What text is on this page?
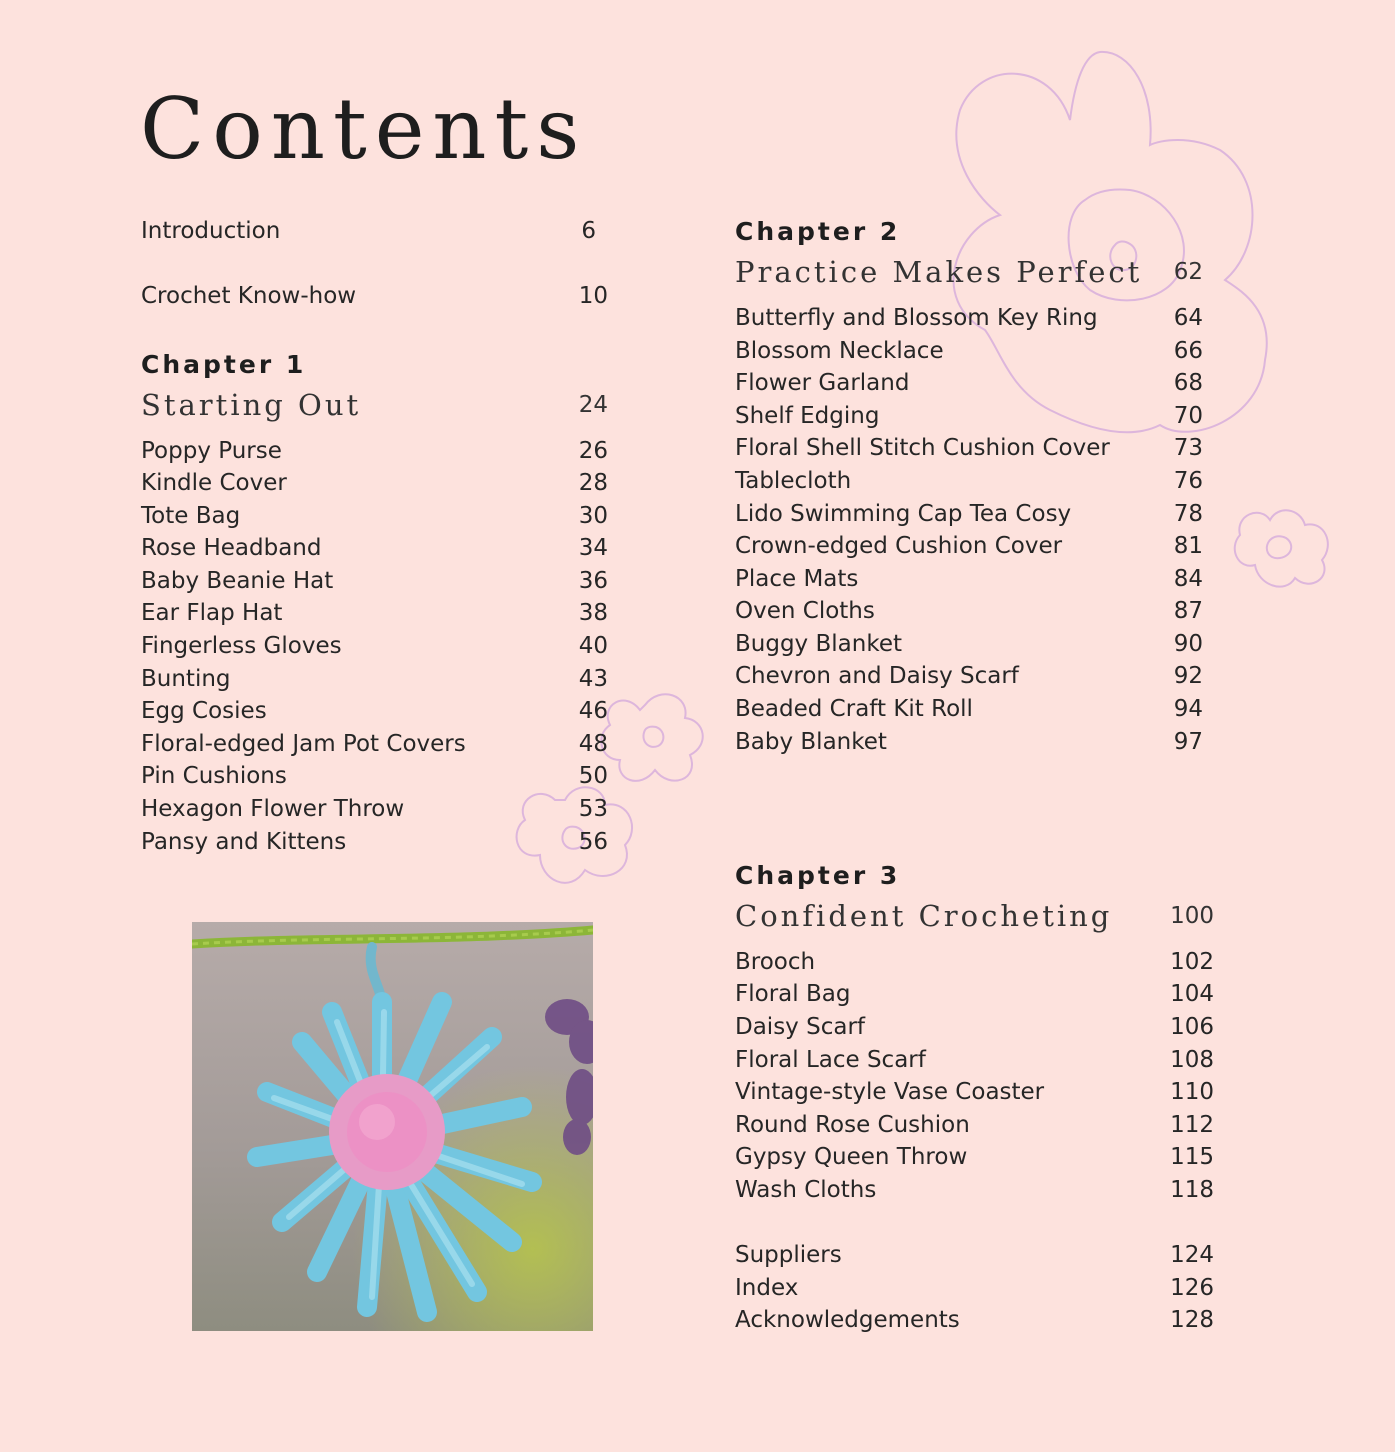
Contents
Introduction	6
Crochet Know-how	10
Chapter 1
Starting Out	24
Poppy Purse	26
Kindle Cover	28
Tote Bag	30
Rose Headband	34
Baby Beanie Hat	36
Ear Flap Hat	38
Fingerless Gloves	40
Bunting	43
Egg Cosies	46
Floral-edged Jam Pot Covers	48
Pin Cushions	50
Hexagon Flower Throw	53
Pansy and Kittens	56
Chapter 2
Practice Makes Perfect 62
Butterfly and Blossom Key Ring	64
Blossom Necklace	66
Flower Garland	68
Shelf Edging	70
Floral Shell Stitch Cushion Cover	73
Tablecloth	76
Lido Swimming Cap Tea Cosy	78
Crown-edged Cushion Cover	81
Place Mats	84
Oven Cloths	87
Buggy Blanket	90
Chevron and Daisy Scarf	92
Beaded Craft Kit Roll	94
Baby Blanket	97
Chapter 3
Confident Crocheting	100
Brooch	102
Floral Bag	104
Daisy Scarf	106
Floral Lace Scarf	108
Vintage-style Vase Coaster	110
Round Rose Cushion	112
Gypsy Queen Throw	115
Wash Cloths	118
Suppliers	124
Index	126
Acknowledgements	128
